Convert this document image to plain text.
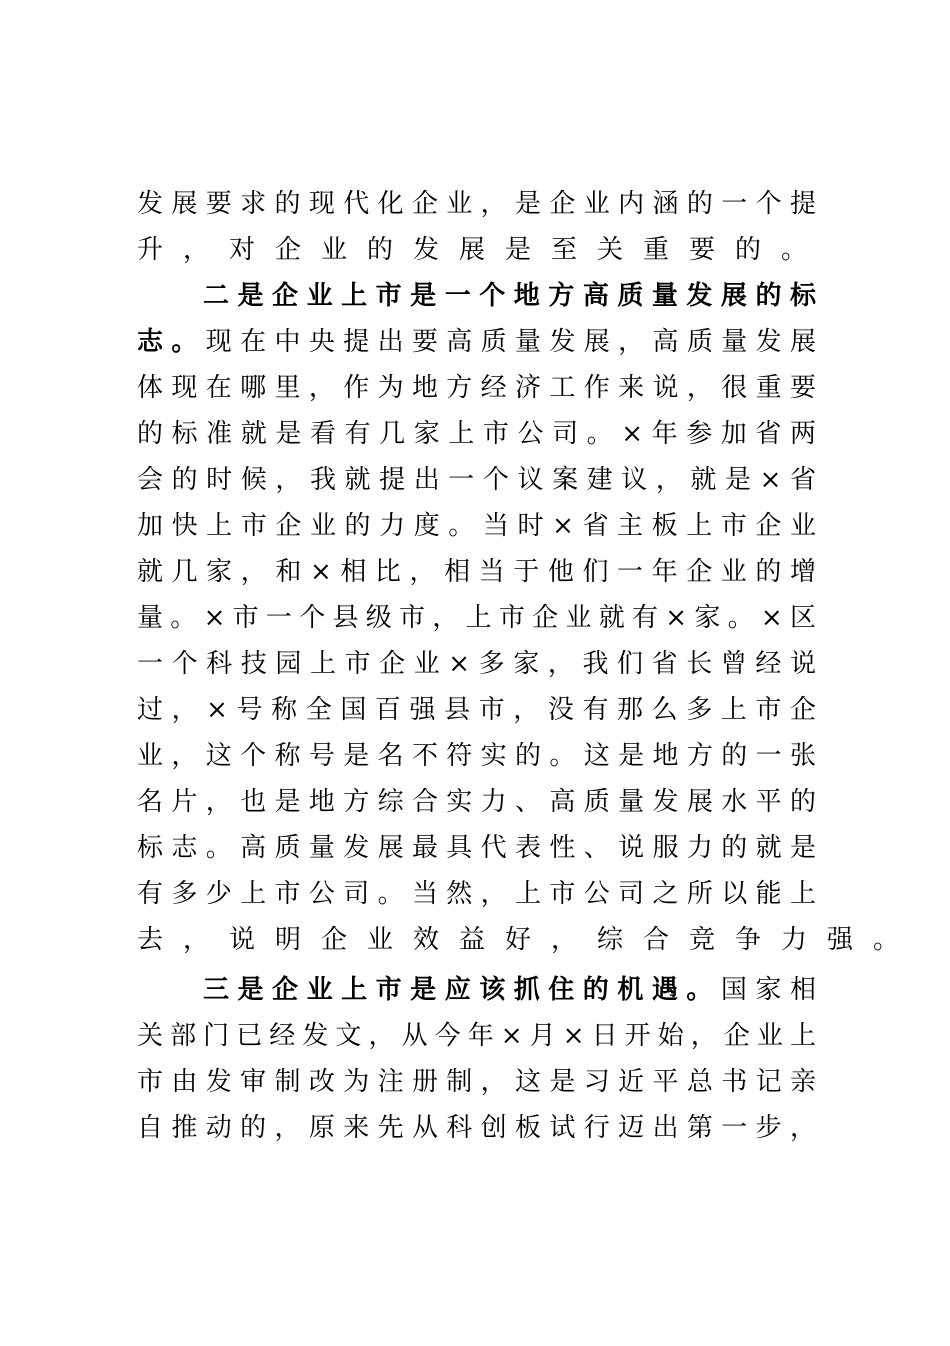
发展要求的现代化企业，是企业内涵的一个提
升，对企业的发展是至关重要的。
二是企业上市是一个地方高质量发展的标
志。现在中央提出要高质量发展，高质量发展
体现在哪里，作为地方经济工作来说，很重要
的标准就是看有几家上市公司。×年参加省两
会的时候，我就提出一个议案建议，就是×省
加快上市企业的力度。当时×省主板上市企业
就几家，和×相比，相当于他们一年企业的增
量。×市一个县级市，上市企业就有×家。×区
一个科技园上市企业×多家，我们省长曾经说
过，×号称全国百强县市，没有那么多上市企
业，这个称号是名不符实的。这是地方的一张
名片，也是地方综合实力、高质量发展水平的
标志。高质量发展最具代表性、说服力的就是
有多少上市公司。当然，上市公司之所以能上
去，说明企业效益好，综合竞争力强。
三是企业上市是应该抓住的机遇。国家相
关部门已经发文，从今年×月×日开始，企业上
市由发审制改为注册制，这是习近平总书记亲
自推动的，原来先从科创板试行迈出第一步，
